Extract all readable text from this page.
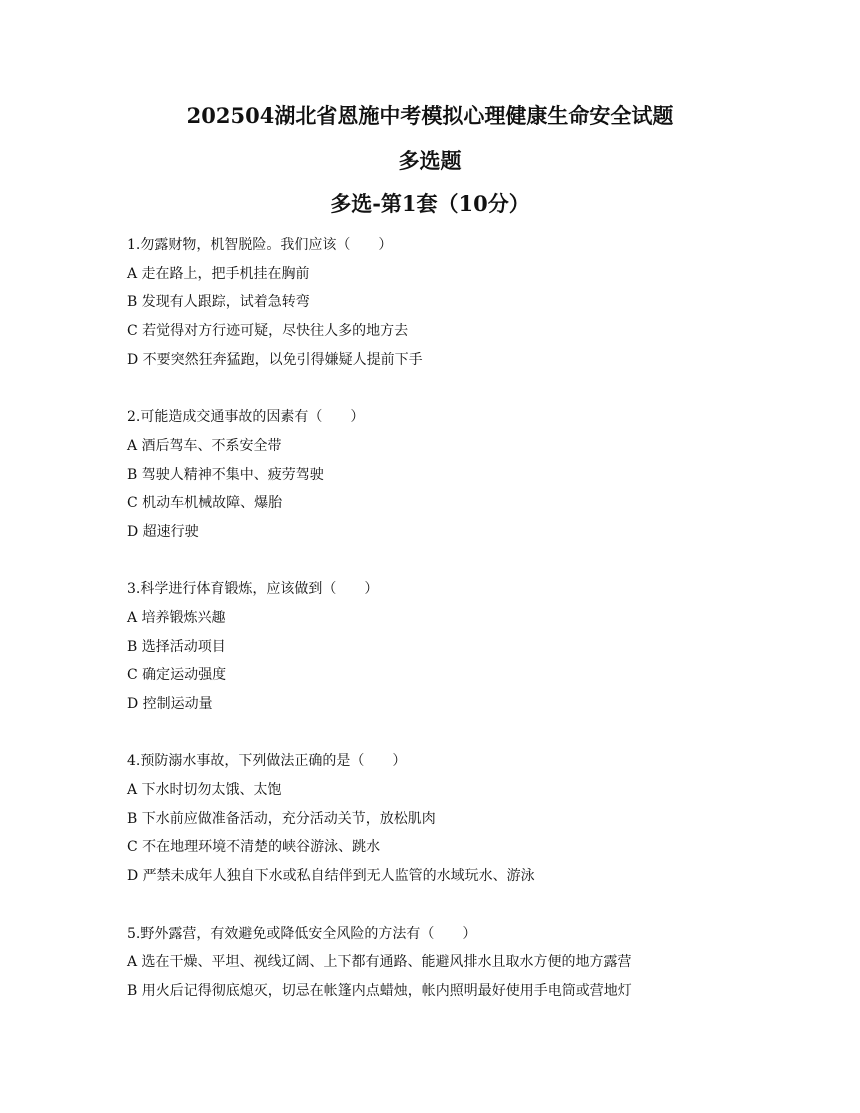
202504湖北省恩施中考模拟心理健康生命安全试题
多选题
多选-第1套（10分）
1.勿露财物，机智脱险。我们应该（　　）
A 走在路上，把手机挂在胸前
B 发现有人跟踪，试着急转弯
C 若觉得对方行迹可疑，尽快往人多的地方去
D 不要突然狂奔猛跑，以免引得嫌疑人提前下手
2.可能造成交通事故的因素有（　　）
A 酒后驾车、不系安全带
B 驾驶人精神不集中、疲劳驾驶
C 机动车机械故障、爆胎
D 超速行驶
3.科学进行体育锻炼，应该做到（　　）
A 培养锻炼兴趣
B 选择活动项目
C 确定运动强度
D 控制运动量
4.预防溺水事故，下列做法正确的是（　　）
A 下水时切勿太饿、太饱
B 下水前应做准备活动，充分活动关节，放松肌肉
C 不在地理环境不清楚的峡谷游泳、跳水
D 严禁未成年人独自下水或私自结伴到无人监管的水域玩水、游泳
5.野外露营，有效避免或降低安全风险的方法有（　　）
A 选在干燥、平坦、视线辽阔、上下都有通路、能避风排水且取水方便的地方露营
B 用火后记得彻底熄灭，切忌在帐篷内点蜡烛，帐内照明最好使用手电筒或营地灯
